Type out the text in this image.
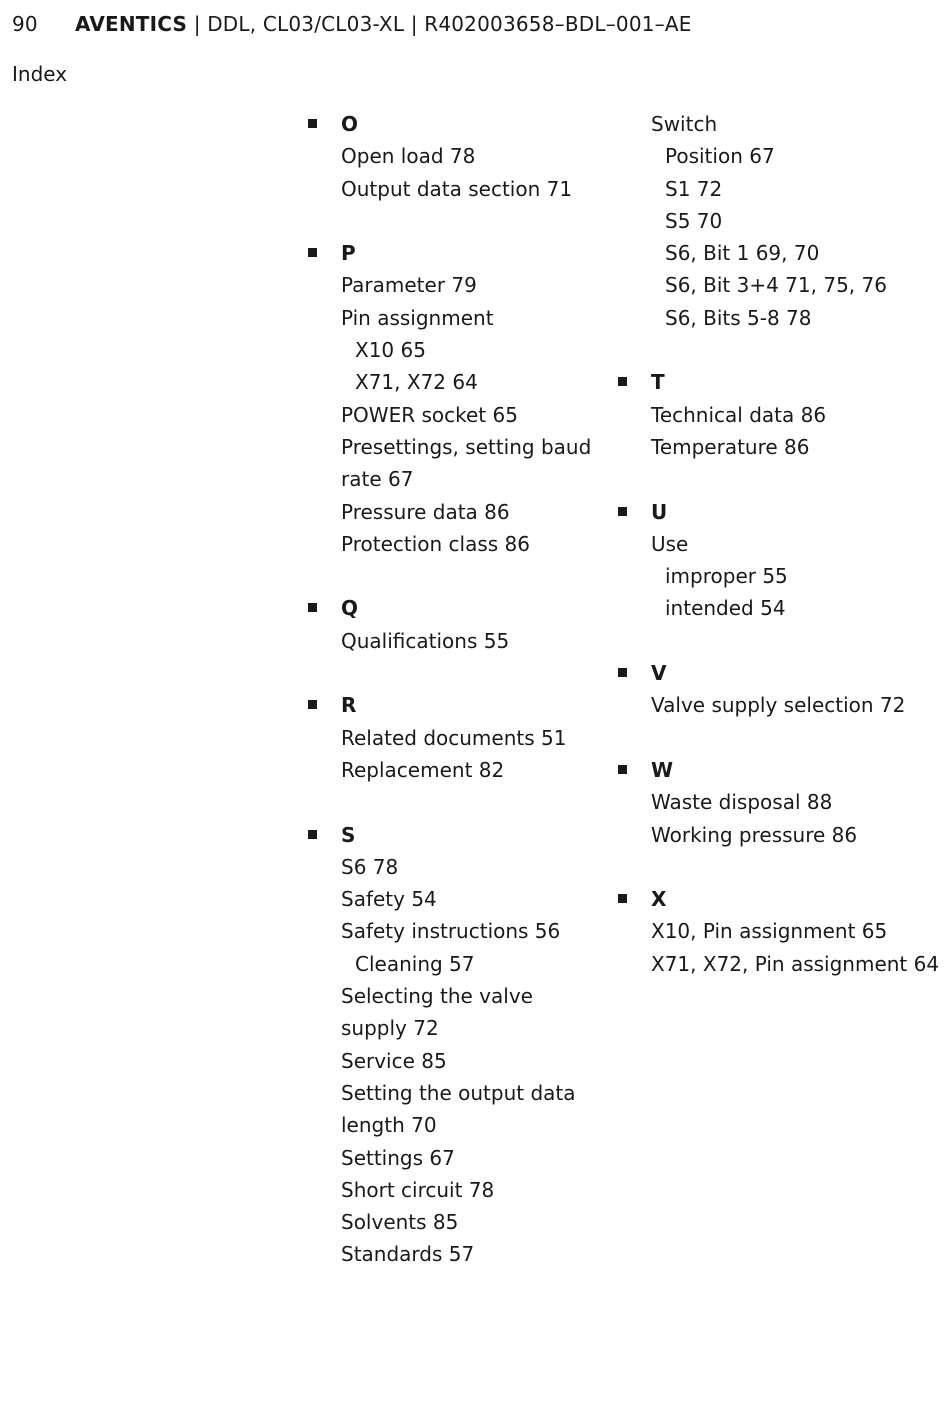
90 AVENTICS | DDL, CL03/CL03-XL | R402003658–BDL–001–AE
Index
O
Open load 78
Output data section 71
P
Parameter 79
Pin assignment
X10 65
X71, X72 64
POWER socket 65
Presettings, setting baud rate 67
Pressure data 86
Protection class 86
Q
Qualifications 55
R
Related documents 51
Replacement 82
S
S6 78
Safety 54
Safety instructions 56
Cleaning 57
Selecting the valve supply 72
Service 85
Setting the output data length 70
Settings 67
Short circuit 78
Solvents 85
Standards 57
Switch
Position 67
S1 72
S5 70
S6, Bit 1 69, 70
S6, Bit 3+4 71, 75, 76
S6, Bits 5-8 78
T
Technical data 86
Temperature 86
U
Use
improper 55
intended 54
V
Valve supply selection 72
W
Waste disposal 88
Working pressure 86
X
X10, Pin assignment 65
X71, X72, Pin assignment 64
